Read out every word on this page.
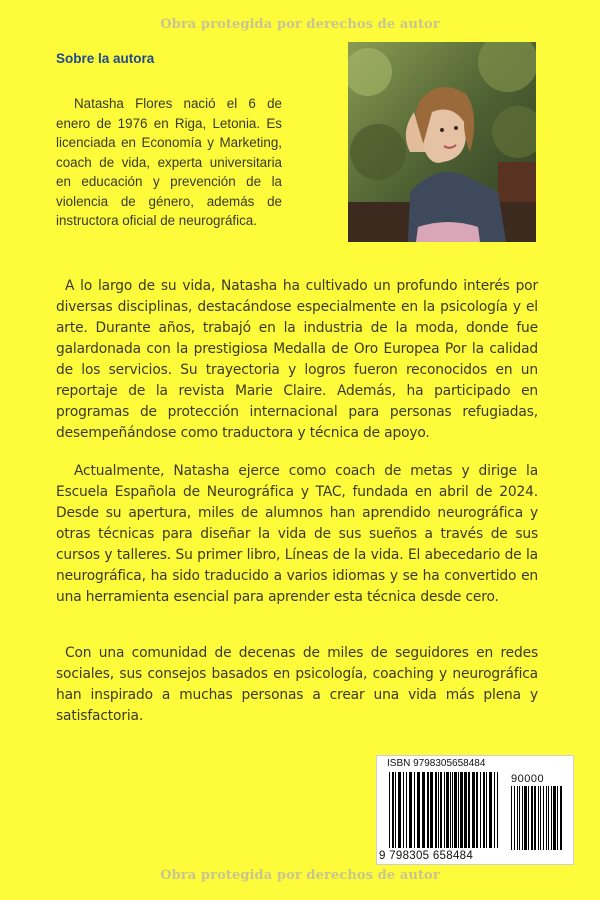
Obra protegida por derechos de autor
Sobre la autora

Natasha Flores nació el 6 de enero de 1976 en Riga, Letonia. Es licenciada en Economía y Marketing, coach de vida, experta universitaria en educación y prevención de la violencia de género, además de instructora oficial de neurográfica.

A lo largo de su vida, Natasha ha cultivado un profundo interés por diversas disciplinas, destacándose especialmente en la psicología y el arte. Durante años, trabajó en la industria de la moda, donde fue galardonada con la prestigiosa Medalla de Oro Europea Por la calidad de los servicios. Su trayectoria y logros fueron reconocidos en un reportaje de la revista Marie Claire. Además, ha participado en programas de protección internacional para personas refugiadas, desempeñándose como traductora y técnica de apoyo.

Actualmente, Natasha ejerce como coach de metas y dirige la Escuela Española de Neurográfica y TAC, fundada en abril de 2024. Desde su apertura, miles de alumnos han aprendido neurográfica y otras técnicas para diseñar la vida de sus sueños a través de sus cursos y talleres. Su primer libro, Líneas de la vida. El abecedario de la neurográfica, ha sido traducido a varios idiomas y se ha convertido en una herramienta esencial para aprender esta técnica desde cero.

Con una comunidad de decenas de miles de seguidores en redes sociales, sus consejos basados en psicología, coaching y neurográfica han inspirado a muchas personas a crear una vida más plena y satisfactoria.

ISBN 9798305658484
90000
9 798305 658484
Obra protegida por derechos de autor
